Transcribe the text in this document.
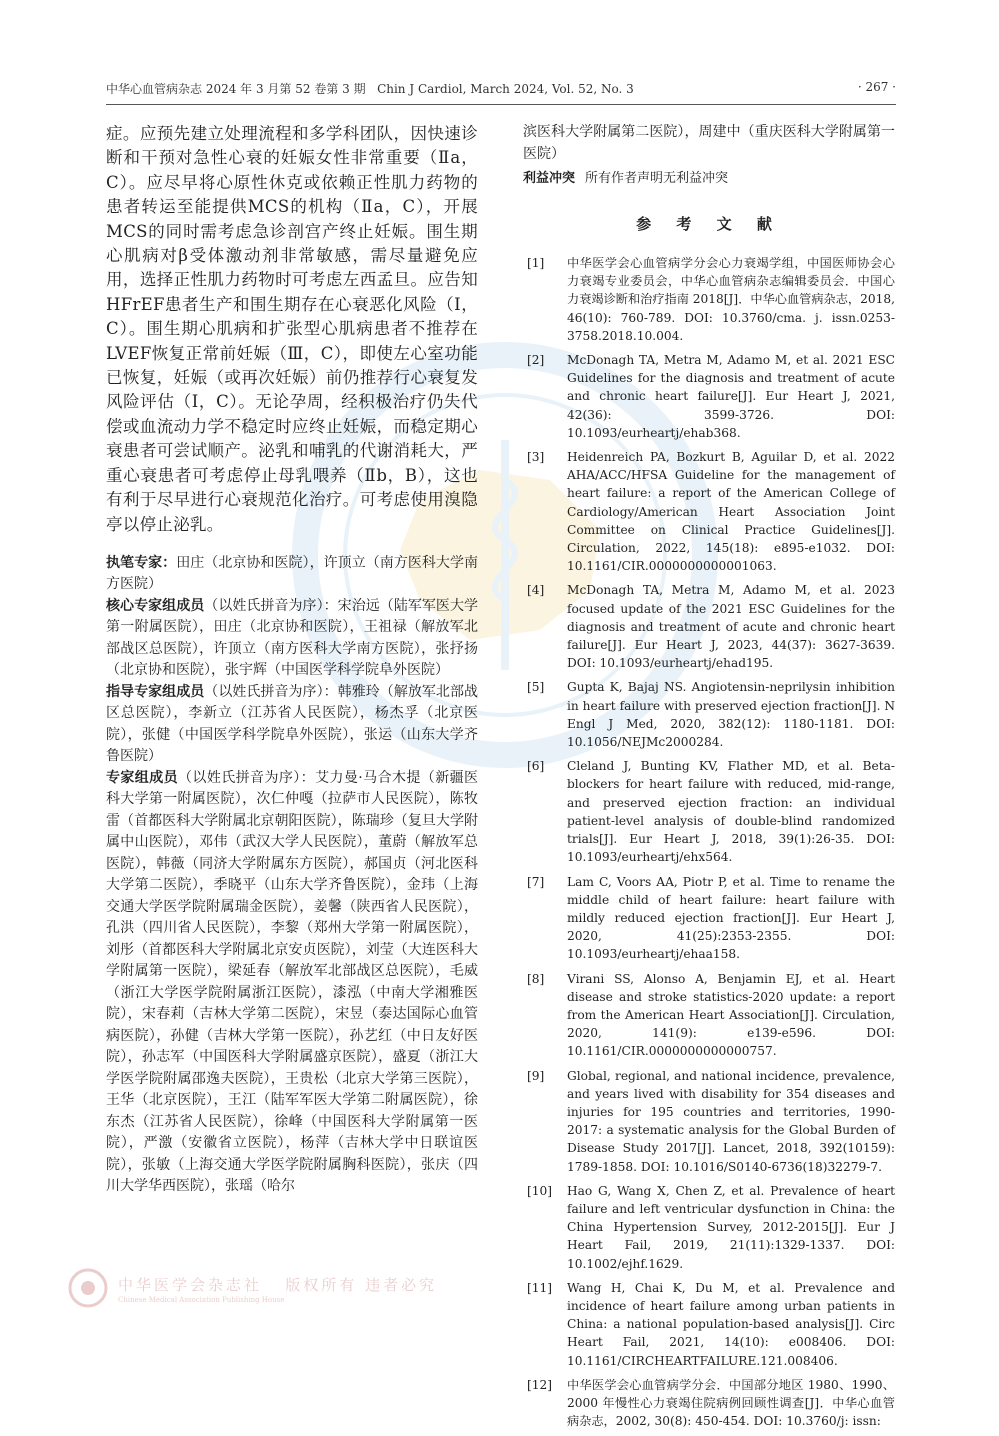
中华心血管病杂志 2024 年 3 月第 52 卷第 3 期 Chin J Cardiol, March 2024, Vol. 52, No. 3	· 267 ·

症。应预先建立处理流程和多学科团队，因快速诊断和干预对急性心衰的妊娠女性非常重要（Ⅱa，C）。应尽早将心原性休克或依赖正性肌力药物的患者转运至能提供MCS的机构（Ⅱa，C），开展MCS的同时需考虑急诊剖宫产终止妊娠。围生期心肌病对β受体激动剂非常敏感，需尽量避免应用，选择正性肌力药物时可考虑左西孟旦。应告知HFrEF患者生产和围生期存在心衰恶化风险（Ⅰ，C）。围生期心肌病和扩张型心肌病患者不推荐在LVEF恢复正常前妊娠（Ⅲ，C），即使左心室功能已恢复，妊娠（或再次妊娠）前仍推荐行心衰复发风险评估（Ⅰ，C）。无论孕周，经积极治疗仍失代偿或血流动力学不稳定时应终止妊娠，而稳定期心衰患者可尝试顺产。泌乳和哺乳的代谢消耗大，严重心衰患者可考虑停止母乳喂养（Ⅱb，B），这也有利于尽早进行心衰规范化治疗。可考虑使用溴隐亭以停止泌乳。

执笔专家：田庄（北京协和医院），许顶立（南方医科大学南方医院）

核心专家组成员（以姓氏拼音为序）：宋治远（陆军军医大学第一附属医院），田庄（北京协和医院），王祖禄（解放军北部战区总医院），许顶立（南方医科大学南方医院），张抒扬（北京协和医院），张宇辉（中国医学科学院阜外医院）

指导专家组成员（以姓氏拼音为序）：韩雅玲（解放军北部战区总医院），李新立（江苏省人民医院），杨杰孚（北京医院），张健（中国医学科学院阜外医院），张运（山东大学齐鲁医院）

专家组成员（以姓氏拼音为序）：艾力曼·马合木提（新疆医科大学第一附属医院），次仁仲嘎（拉萨市人民医院），陈牧雷（首都医科大学附属北京朝阳医院），陈瑞珍（复旦大学附属中山医院），邓伟（武汉大学人民医院），董蔚（解放军总医院），韩薇（同济大学附属东方医院），郝国贞（河北医科大学第二医院），季晓平（山东大学齐鲁医院），金玮（上海交通大学医学院附属瑞金医院），姜馨（陕西省人民医院），孔洪（四川省人民医院），李黎（郑州大学第一附属医院），刘彤（首都医科大学附属北京安贞医院），刘莹（大连医科大学附属第一医院），梁延春（解放军北部战区总医院），毛威（浙江大学医学院附属浙江医院），漆泓（中南大学湘雅医院），宋春莉（吉林大学第二医院），宋昱（泰达国际心血管病医院），孙健（吉林大学第一医院），孙艺红（中日友好医院），孙志军（中国医科大学附属盛京医院），盛夏（浙江大学医学院附属邵逸夫医院），王贵松（北京大学第三医院），王华（北京医院），王江（陆军军医大学第二附属医院），徐东杰（江苏省人民医院），徐峰（中国医科大学附属第一医院），严激（安徽省立医院），杨萍（吉林大学中日联谊医院），张敏（上海交通大学医学院附属胸科医院），张庆（四川大学华西医院），张瑶（哈尔

滨医科大学附属第二医院），周建中（重庆医科大学附属第一医院）

利益冲突 所有作者声明无利益冲突

参 考 文 献
[1] 中华医学会心血管病学分会心力衰竭学组，中国医师协会心力衰竭专业委员会，中华心血管病杂志编辑委员会．中国心力衰竭诊断和治疗指南 2018[J]．中华心血管病杂志，2018, 46(10): 760-789. DOI: 10.3760/cma. j. issn.0253-3758.2018.10.004.
[2] McDonagh TA, Metra M, Adamo M, et al. 2021 ESC Guidelines for the diagnosis and treatment of acute and chronic heart failure[J]. Eur Heart J, 2021, 42(36): 3599-3726. DOI: 10.1093/eurheartj/ehab368.
[3] Heidenreich PA, Bozkurt B, Aguilar D, et al. 2022 AHA/ACC/HFSA Guideline for the management of heart failure: a report of the American College of Cardiology/American Heart Association Joint Committee on Clinical Practice Guidelines[J]. Circulation, 2022, 145(18): e895-e1032. DOI: 10.1161/CIR.0000000000001063.
[4] McDonagh TA, Metra M, Adamo M, et al. 2023 focused update of the 2021 ESC Guidelines for the diagnosis and treatment of acute and chronic heart failure[J]. Eur Heart J, 2023, 44(37): 3627-3639. DOI: 10.1093/eurheartj/ehad195.
[5] Gupta K, Bajaj NS. Angiotensin-neprilysin inhibition in heart failure with preserved ejection fraction[J]. N Engl J Med, 2020, 382(12): 1180-1181. DOI: 10.1056/NEJMc2000284.
[6] Cleland J, Bunting KV, Flather MD, et al. Beta-blockers for heart failure with reduced, mid-range, and preserved ejection fraction: an individual patient-level analysis of double-blind randomized trials[J]. Eur Heart J, 2018, 39(1):26-35. DOI: 10.1093/eurheartj/ehx564.
[7] Lam C, Voors AA, Piotr P, et al. Time to rename the middle child of heart failure: heart failure with mildly reduced ejection fraction[J]. Eur Heart J, 2020, 41(25):2353-2355. DOI: 10.1093/eurheartj/ehaa158.
[8] Virani SS, Alonso A, Benjamin EJ, et al. Heart disease and stroke statistics-2020 update: a report from the American Heart Association[J]. Circulation, 2020, 141(9): e139-e596. DOI: 10.1161/CIR.0000000000000757.
[9] Global, regional, and national incidence, prevalence, and years lived with disability for 354 diseases and injuries for 195 countries and territories, 1990-2017: a systematic analysis for the Global Burden of Disease Study 2017[J]. Lancet, 2018, 392(10159): 1789-1858. DOI: 10.1016/S0140-6736(18)32279-7.
[10] Hao G, Wang X, Chen Z, et al. Prevalence of heart failure and left ventricular dysfunction in China: the China Hypertension Survey, 2012-2015[J]. Eur J Heart Fail, 2019, 21(11):1329-1337. DOI: 10.1002/ejhf.1629.
[11] Wang H, Chai K, Du M, et al. Prevalence and incidence of heart failure among urban patients in China: a national population-based analysis[J]. Circ Heart Fail, 2021, 14(10): e008406. DOI: 10.1161/CIRCHEARTFAILURE.121.008406.
[12] 中华医学会心血管病学分会．中国部分地区 1980、1990、2000 年慢性心力衰竭住院病例回顾性调查[J]．中华心血管病杂志，2002, 30(8): 450-454. DOI: 10.3760/j: issn:
中华医学会杂志社 版权所有 违者必究
Chinese Medical Association Publishing House
